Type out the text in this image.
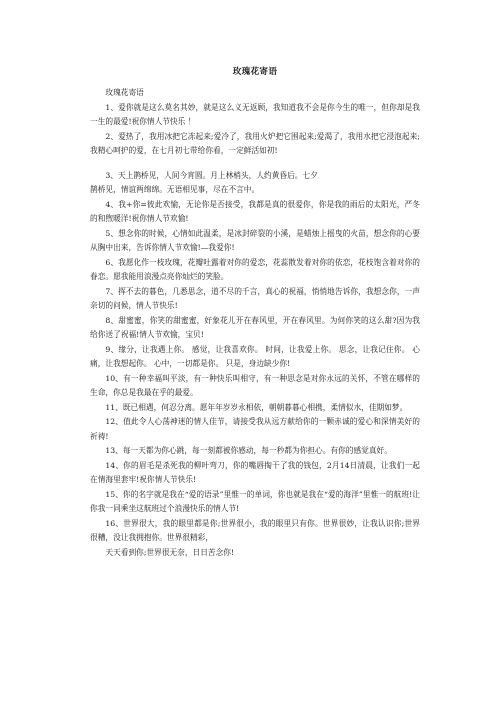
玫瑰花寄语

玫瑰花寄语

1、爱你就是这么莫名其妙，就是这么义无返顾，我知道我不会是你今生的唯一，但你却是我一生的最爱!祝你情人节快乐 ！

2、爱热了，我用冰把它冻起来;爱冷了，我用火炉把它围起来;爱渴了，我用水把它浸泡起来; 我精心呵护的爱，在七月初七带给你看，一定鲜活如初!

3、天上鹊桥见，人间今宵圆。月上林梢头，人约黄昏后。七夕

鹊桥见，情谊两绵绵。无语相见事，尽在不言中。

4、我+你=彼此欢愉，无论你是否接受，我都是真的很爱你，你是我的雨后的太阳光，严冬的和煦暖洋!祝你情人节欢愉!

5、想念你的时候，心情如此温柔，是冰封碎裂的小溪，是蜡烛上摇曳的火苗，想念你的心要从胸中出来，告诉你情人节欢愉!—我爱你!

6、我愿化作一枝玫瑰，花瓣吐露着对你的爱恋，花蕊散发着对你的依恋，花枝饱含着对你的眷恋。愿我能用浪漫点亮你灿烂的笑脸。

7、挥不去的暮色，几悉思念，道不尽的千言，真心的祝福，悄悄地告诉你，我想念你，一声亲切的问候，情人节快乐!

8、甜蜜蜜，你笑的甜蜜蜜，好象花儿开在春风里，开在春风里。为何你笑的这么甜?因为我给你送了祝福!情人节欢愉，宝贝!

9、缘分，让我遇上你。 感觉，让我喜欢你。 时间，让我爱上你。 思念，让我记住你。 心痛，让我想起你。 心中，一切都是你。 只是，身边缺少你!

10、有一种幸福叫平淡，有一种快乐叫相守，有一种思念是对你永远的关怀，不管在哪样的生命，你总是我最在乎的最爱。

11、既已相遇，何忍分离。愿年年岁岁永相依，朝朝暮暮心相携，柔情似水，佳期如梦。

12、值此令人心荡神迷的情人佳节，请接受我从远方献给你的一颗赤诚的爱心和深情美好的祈祷!

13、每一天都为你心跳，每一刻都被你感动，每一秒都为你担心。有你的感觉真好。

14、你的眉毛是杀死我的柳叶弯刀，你的嘴唇掏干了我的钱包，2月14日清晨，让我们一起在情海里套牢!祝你情人节快乐!

15、你的名字就是我在“爱的语录”里惟一的单词，你也就是我在“爱的海洋”里惟一的航班!让你我一同乘坐这航班过个浪漫快乐的情人节!

16、世界很大，我的眼里都是你;世界很小，我的眼里只有你。世界很妙，让我认识你;世界很糟，没让我拥抱你。世界很精彩，

天天看到你;世界很无奈，日日苦念你!
